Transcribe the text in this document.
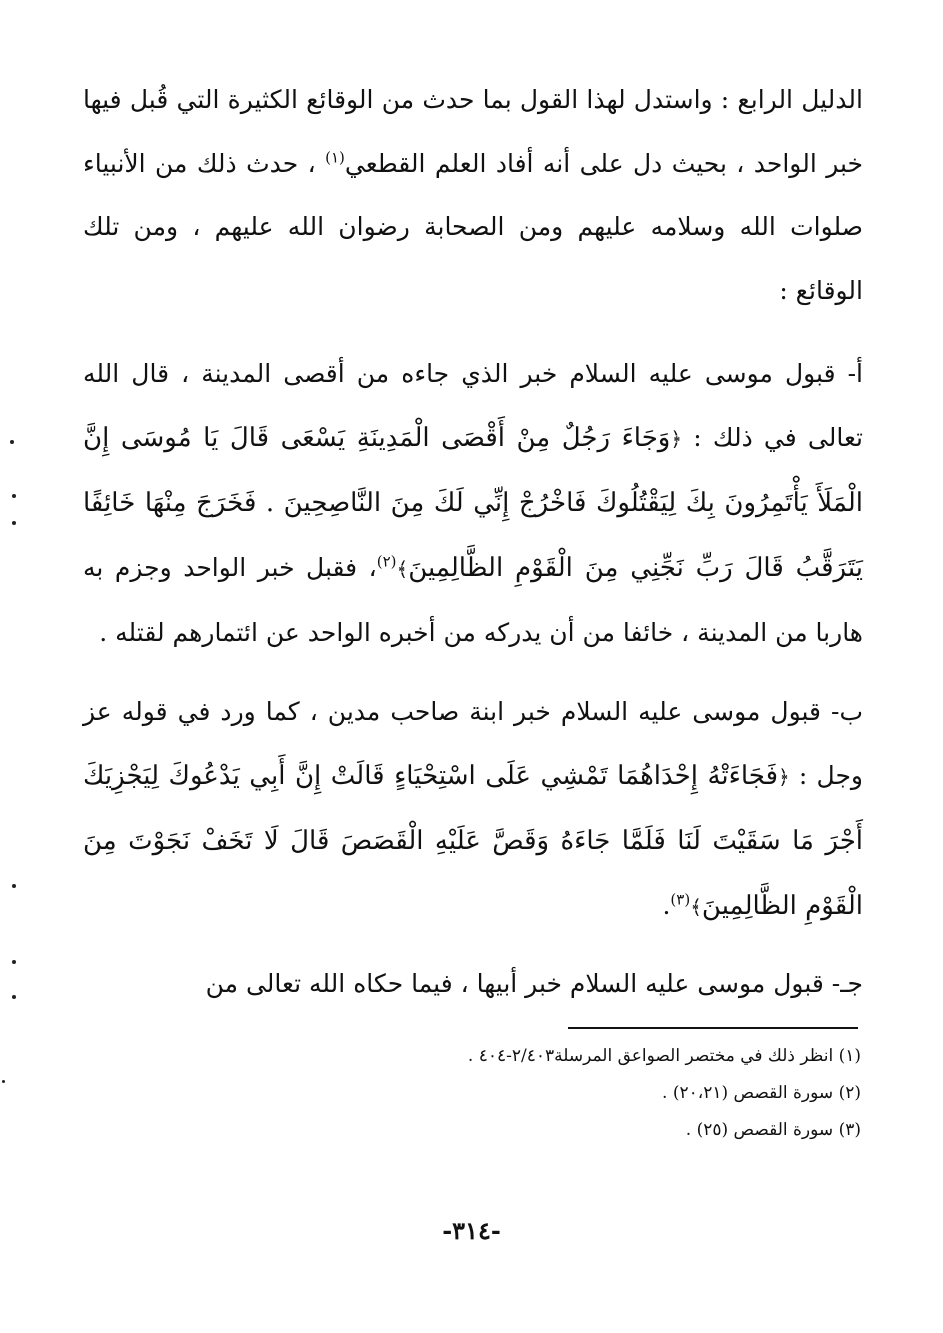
الدليل الرابع : واستدل لهذا القول بما حدث من الوقائع الكثيرة التي قُبل فيها خبر الواحد ، بحيث دل على أنه أفاد العلم القطعي$^{(١)}$ ، حدث ذلك من الأنبياء صلوات الله وسلامه عليهم ومن الصحابة رضوان الله عليهم ، ومن تلك الوقائع :
أ- قبول موسى عليه السلام خبر الذي جاءه من أقصى المدينة ، قال الله تعالى في ذلك : ﴿وَجَاءَ رَجُلٌ مِنْ أَقْصَى الْمَدِينَةِ يَسْعَى قَالَ يَا مُوسَى إِنَّ الْمَلَأَ يَأْتَمِرُونَ بِكَ لِيَقْتُلُوكَ فَاخْرُجْ إِنِّي لَكَ مِنَ النَّاصِحِينَ . فَخَرَجَ مِنْهَا خَائِفًا يَتَرَقَّبُ قَالَ رَبِّ نَجِّنِي مِنَ الْقَوْمِ الظَّالِمِينَ﴾$^{(٢)}$، فقبل خبر الواحد وجزم به هاربا من المدينة ، خائفا من أن يدركه من أخبره الواحد عن ائتمارهم لقتله .
ب- قبول موسى عليه السلام خبر ابنة صاحب مدين ، كما ورد في قوله عز وجل : ﴿فَجَاءَتْهُ إِحْدَاهُمَا تَمْشِي عَلَى اسْتِحْيَاءٍ قَالَتْ إِنَّ أَبِي يَدْعُوكَ لِيَجْزِيَكَ أَجْرَ مَا سَقَيْتَ لَنَا فَلَمَّا جَاءَهُ وَقَصَّ عَلَيْهِ الْقَصَصَ قَالَ لَا تَخَفْ نَجَوْتَ مِنَ الْقَوْمِ الظَّالِمِينَ﴾$^{(٣)}$.
جـ- قبول موسى عليه السلام خبر أبيها ، فيما حكاه الله تعالى من
(١) انظر ذلك في مختصر الصواعق المرسلة٢/٤٠٣-٤٠٤ .
(٢) سورة القصص (٢٠،٢١) .
(٣) سورة القصص (٢٥) .
-٣١٤-
